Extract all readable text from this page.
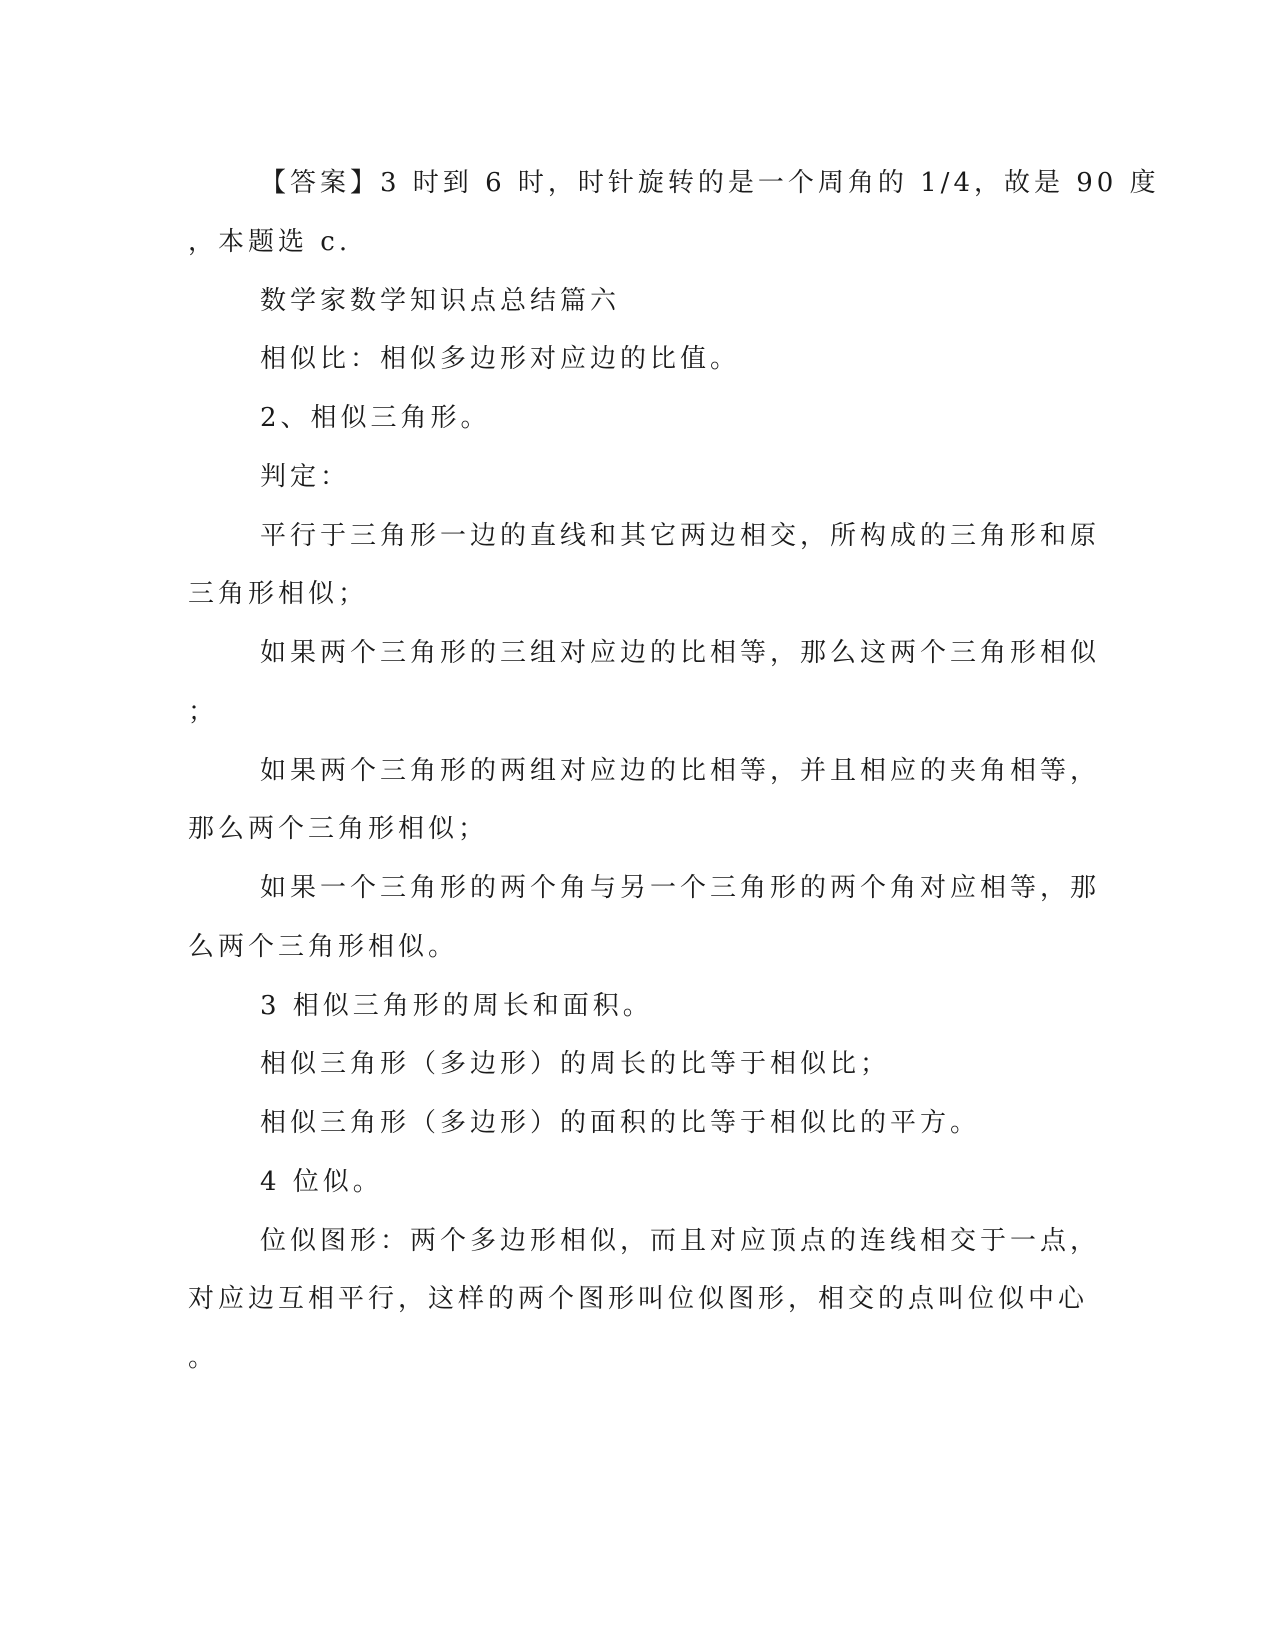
【答案】3 时到 6 时，时针旋转的是一个周角的 1/4，故是 90 度
，本题选 c.
数学家数学知识点总结篇六
相似比：相似多边形对应边的比值。
2、相似三角形。
判定：
平行于三角形一边的直线和其它两边相交，所构成的三角形和原
三角形相似；
如果两个三角形的三组对应边的比相等，那么这两个三角形相似
；
如果两个三角形的两组对应边的比相等，并且相应的夹角相等，
那么两个三角形相似；
如果一个三角形的两个角与另一个三角形的两个角对应相等，那
么两个三角形相似。
3 相似三角形的周长和面积。
相似三角形（多边形）的周长的比等于相似比；
相似三角形（多边形）的面积的比等于相似比的平方。
4 位似。
位似图形：两个多边形相似，而且对应顶点的连线相交于一点，
对应边互相平行，这样的两个图形叫位似图形，相交的点叫位似中心
。
